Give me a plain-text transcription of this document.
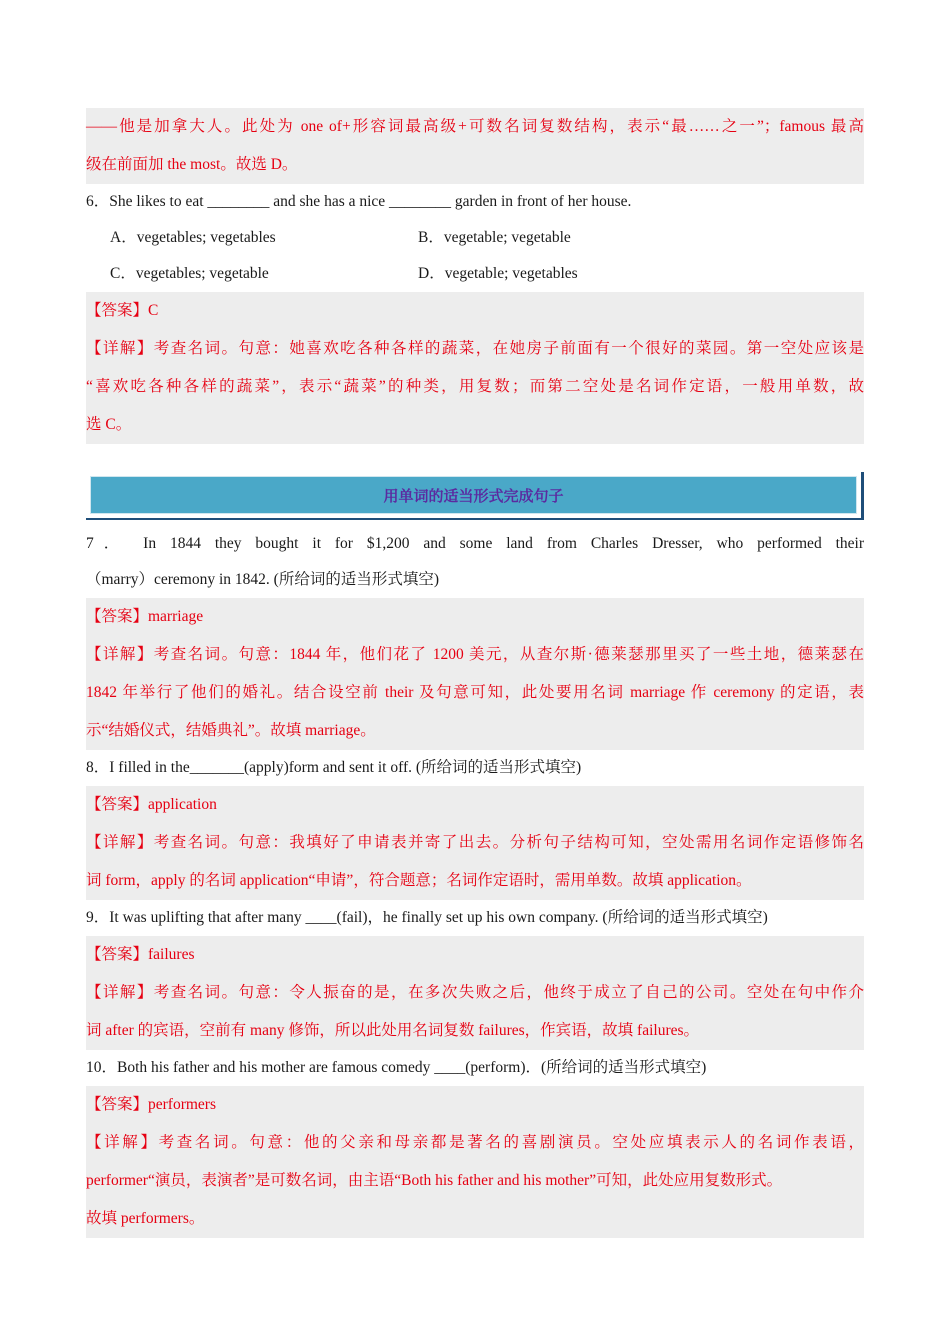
——他是加拿大人。此处为 one of+形容词最高级+可数名词复数结构，表示“最……之一”；famous 最高
级在前面加 the most。故选 D。
6．She likes to eat ________ and she has a nice ________ garden in front of her house.
A．vegetables; vegetables	B．vegetable; vegetable
C．vegetables; vegetable	D．vegetable; vegetables
【答案】C
【详解】考查名词。句意：她喜欢吃各种各样的蔬菜，在她房子前面有一个很好的菜园。第一空处应该是
“喜欢吃各种各样的蔬菜”，表示“蔬菜”的种类，用复数；而第二空处是名词作定语，一般用单数，故
选 C。
用单词的适当形式完成句子
7． In 1844 they bought it for $1,200 and some land from Charles Dresser, who performed their
（marry）ceremony in 1842. (所给词的适当形式填空)
【答案】marriage
【详解】考查名词。句意：1844 年，他们花了 1200 美元，从查尔斯·德莱瑟那里买了一些土地，德莱瑟在
1842 年举行了他们的婚礼。结合设空前 their 及句意可知，此处要用名词 marriage 作 ceremony 的定语，表
示“结婚仪式，结婚典礼”。故填 marriage。
8．I filled in the_______(apply)form and sent it off. (所给词的适当形式填空)
【答案】application
【详解】考查名词。句意：我填好了申请表并寄了出去。分析句子结构可知，空处需用名词作定语修饰名
词 form，apply 的名词 application“申请”，符合题意；名词作定语时，需用单数。故填 application。
9．It was uplifting that after many ____(fail)，he finally set up his own company. (所给词的适当形式填空)
【答案】failures
【详解】考查名词。句意：令人振奋的是，在多次失败之后，他终于成立了自己的公司。空处在句中作介
词 after 的宾语，空前有 many 修饰，所以此处用名词复数 failures，作宾语，故填 failures。
10．Both his father and his mother are famous comedy ____(perform)．(所给词的适当形式填空)
【答案】performers
【详解】考查名词。句意：他的父亲和母亲都是著名的喜剧演员。空处应填表示人的名词作表语，
performer“演员，表演者”是可数名词，由主语“Both his father and his mother”可知，此处应用复数形式。
故填 performers。
